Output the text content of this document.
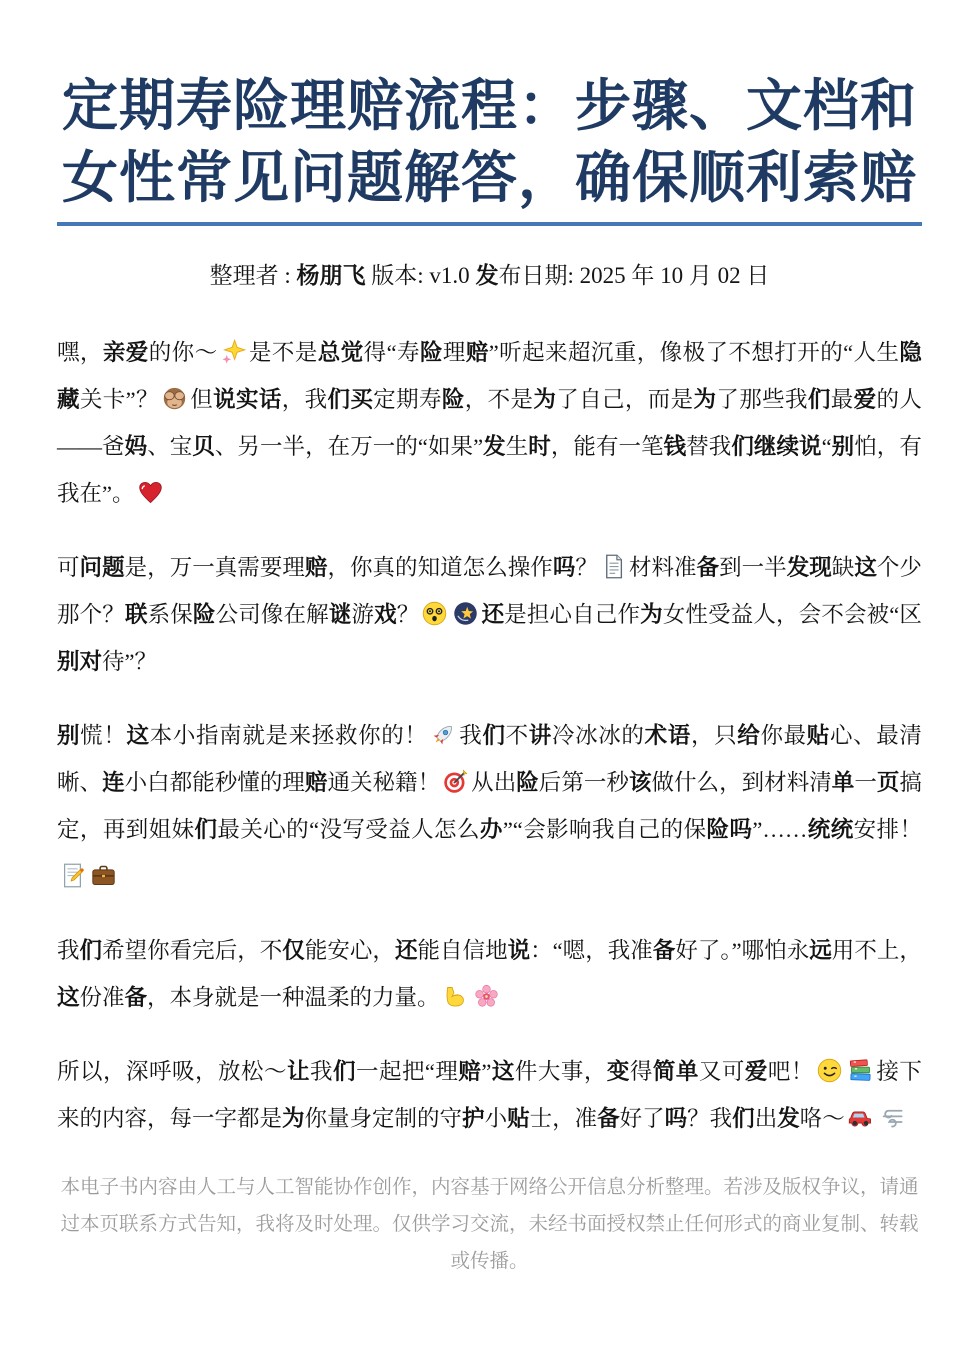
定期寿险理赔流程：步骤、文档和
女性常见问题解答，确保顺利索赔

整理者 : 杨朋飞 版本: v1.0 发布日期: 2025 年 10 月 02 日

嘿，亲爱的你～ 是不是总觉得“寿险理赔”听起来超沉重，像极了不想打开的“人生隐藏关卡”？ 但说实话，我们买定期寿险，不是为了自己，而是为了那些我们最爱的人——爸妈、宝贝、另一半，在万一的“如果”发生时，能有一笔钱替我们继续说“别怕，有我在”。

可问题是，万一真需要理赔，你真的知道怎么操作吗？ 材料准备到一半发现缺这个少那个？联系保险公司像在解谜游戏？	还是担心自己作为女性受益人，会不会被“区别对待”？

别慌！这本小指南就是来拯救你的！ 我们不讲冷冰冰的术语，只给你最贴心、最清晰、连小白都能秒懂的理赔通关秘籍！ 从出险后第一秒该做什么，到材料清单一页搞定，再到姐妹们最关心的“没写受益人怎么办”“会影响我自己的保险吗”……统统安排！

我们希望你看完后，不仅能安心，还能自信地说：“嗯，我准备好了。”哪怕永远用不上，这份准备，本身就是一种温柔的力量。

所以，深呼吸，放松～让我们一起把“理赔”这件大事，变得简单又可爱吧！	接下来的内容，每一字都是为你量身定制的守护小贴士，准备好了吗？我们出发咯～

本电子书内容由人工与人工智能协作创作，内容基于网络公开信息分析整理。若涉及版权争议，请通过本页联系方式告知，我将及时处理。仅供学习交流，未经书面授权禁止任何形式的商业复制、转载或传播。
